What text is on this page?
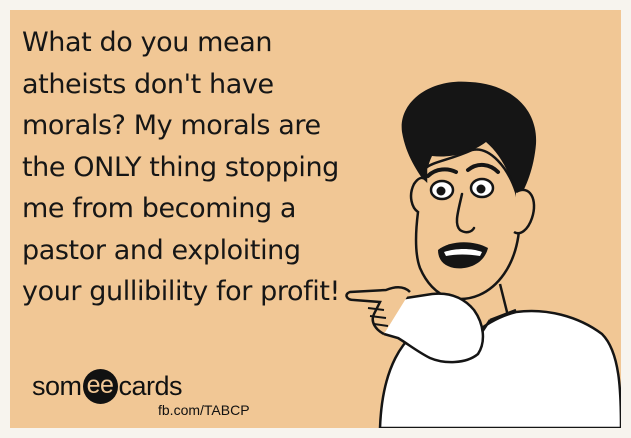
What do you mean
atheists don't have
morals? My morals are
the ONLY thing stopping
me from becoming a
pastor and exploiting
your gullibility for profit!

som ee cards
fb.com/TABCP
